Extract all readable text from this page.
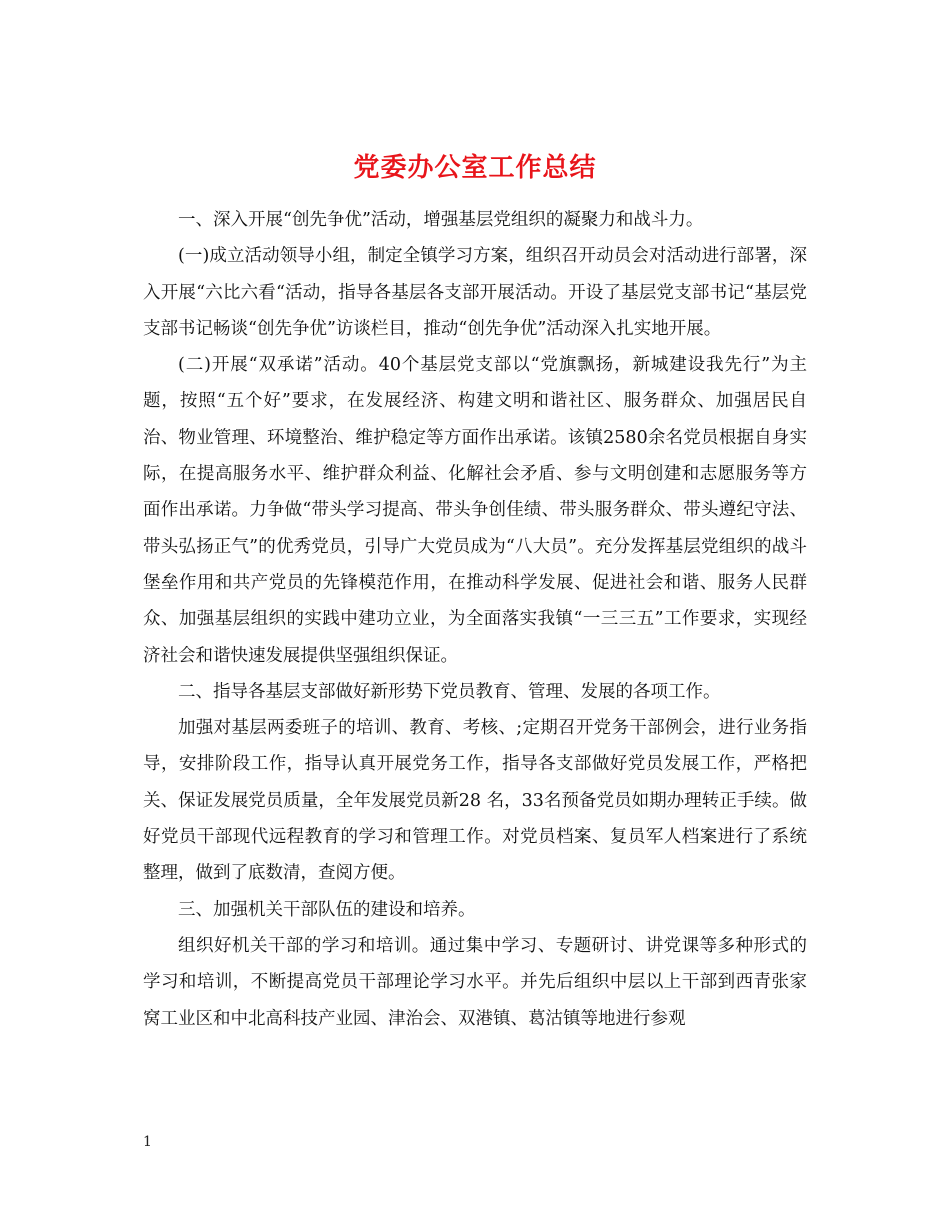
党委办公室工作总结

一、深入开展“创先争优”活动，增强基层党组织的凝聚力和战斗力。

(一)成立活动领导小组，制定全镇学习方案，组织召开动员会对活动进行部署，深入开展“六比六看“活动，指导各基层各支部开展活动。开设了基层党支部书记“基层党支部书记畅谈“创先争优”访谈栏目，推动“创先争优”活动深入扎实地开展。

(二)开展“双承诺”活动。40个基层党支部以“党旗飘扬，新城建设我先行”为主题，按照“五个好”要求，在发展经济、构建文明和谐社区、服务群众、加强居民自治、物业管理、环境整治、维护稳定等方面作出承诺。该镇2580余名党员根据自身实际，在提高服务水平、维护群众利益、化解社会矛盾、参与文明创建和志愿服务等方面作出承诺。力争做“带头学习提高、带头争创佳绩、带头服务群众、带头遵纪守法、带头弘扬正气”的优秀党员，引导广大党员成为“八大员”。充分发挥基层党组织的战斗堡垒作用和共产党员的先锋模范作用，在推动科学发展、促进社会和谐、服务人民群众、加强基层组织的实践中建功立业，为全面落实我镇“一三三五”工作要求，实现经济社会和谐快速发展提供坚强组织保证。

二、指导各基层支部做好新形势下党员教育、管理、发展的各项工作。

加强对基层两委班子的培训、教育、考核、;定期召开党务干部例会，进行业务指导，安排阶段工作，指导认真开展党务工作，指导各支部做好党员发展工作，严格把关、保证发展党员质量，全年发展党员新28 名，33名预备党员如期办理转正手续。做好党员干部现代远程教育的学习和管理工作。对党员档案、复员军人档案进行了系统整理，做到了底数清，查阅方便。

三、加强机关干部队伍的建设和培养。

组织好机关干部的学习和培训。通过集中学习、专题研讨、讲党课等多种形式的学习和培训，不断提高党员干部理论学习水平。并先后组织中层以上干部到西青张家窝工业区和中北高科技产业园、津治会、双港镇、葛沽镇等地进行参观

1
